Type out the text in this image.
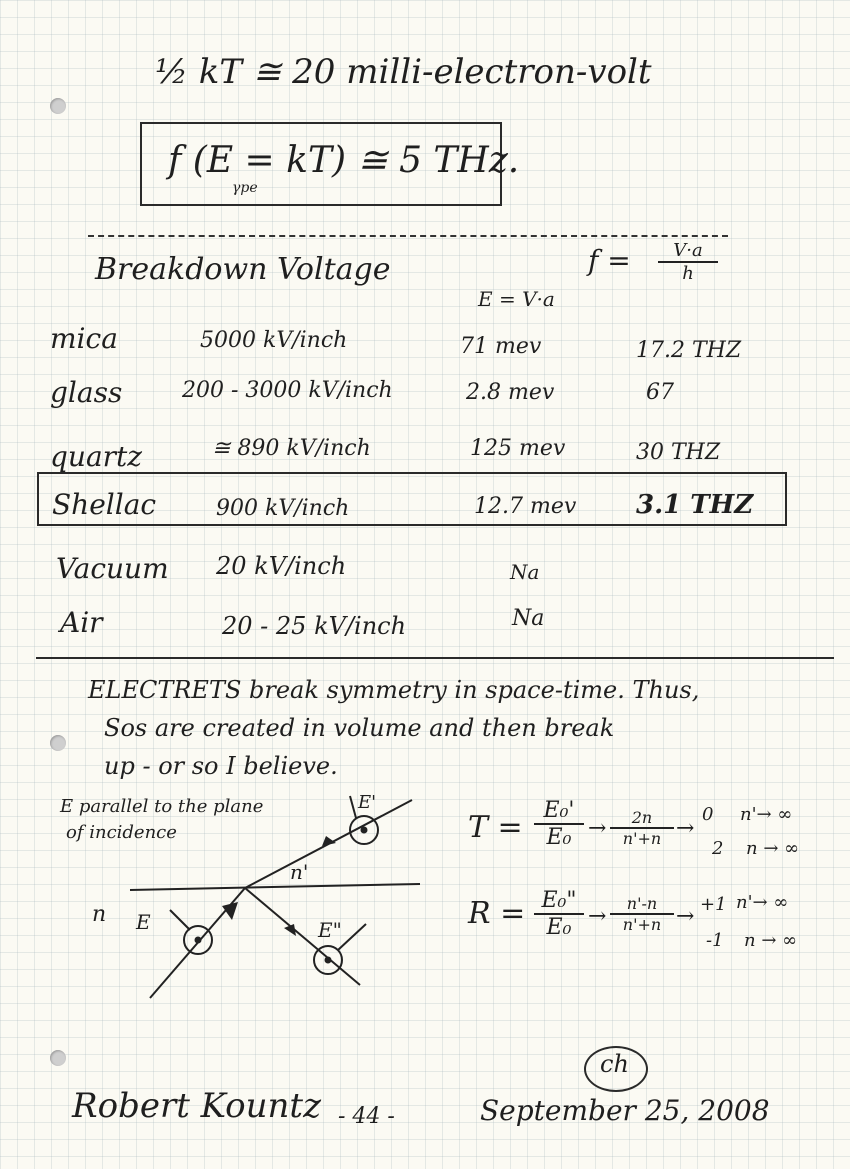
½ kT ≅ 20 milli-electron-volt
f (E = kT) ≅ 5 THz.
γpe
Breakdown Voltage	$f = \frac{V\cdot a}{h}$
E = V·a
mica	5000 kV/inch	71 mev	17.2 THZ
glass	200 - 3000 kV/inch	2.8 mev	67
quartz	≅ 890 kV/inch	125 mev	30 THZ
Shellac	900 kV/inch	12.7 mev 3.1 THZ
Vacuum 20 kV/inch	Na
Air	20 - 25 kV/inch	Na
ELECTRETS break symmetry in space-time. Thus,
Sos are created in volume and then break
up - or so I believe.
E parallel to the plane
of incidence
n'
n E
E'
E"
$T = \frac{\text{E₀'}}{\text{E₀}} \to \frac{2n}{n'+n}$ →
0 n'→ ∞
2 n → ∞
$R = \frac{\text{E₀"}}{\text{E₀}} \to \frac{n'-n}{n'+n} \to +1$ n'→ ∞
-1 n → ∞
Robert Kountz - 44 -	September 25, 2008
ch
